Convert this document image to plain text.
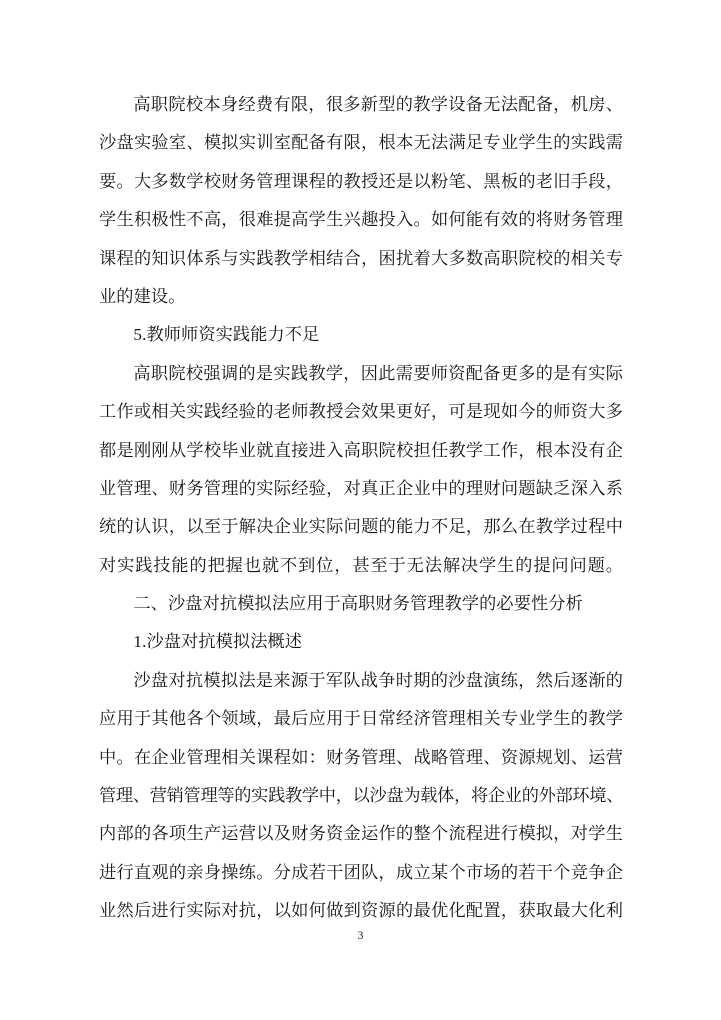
高职院校本身经费有限，很多新型的教学设备无法配备，机房、
沙盘实验室、模拟实训室配备有限，根本无法满足专业学生的实践需
要。大多数学校财务管理课程的教授还是以粉笔、黑板的老旧手段，
学生积极性不高，很难提高学生兴趣投入。如何能有效的将财务管理
课程的知识体系与实践教学相结合，困扰着大多数高职院校的相关专
业的建设。
5.教师师资实践能力不足
高职院校强调的是实践教学，因此需要师资配备更多的是有实际
工作或相关实践经验的老师教授会效果更好，可是现如今的师资大多
都是刚刚从学校毕业就直接进入高职院校担任教学工作，根本没有企
业管理、财务管理的实际经验，对真正企业中的理财问题缺乏深入系
统的认识，以至于解决企业实际问题的能力不足，那么在教学过程中
对实践技能的把握也就不到位，甚至于无法解决学生的提问问题。
二、沙盘对抗模拟法应用于高职财务管理教学的必要性分析
1.沙盘对抗模拟法概述
沙盘对抗模拟法是来源于军队战争时期的沙盘演练，然后逐渐的
应用于其他各个领域，最后应用于日常经济管理相关专业学生的教学
中。在企业管理相关课程如：财务管理、战略管理、资源规划、运营
管理、营销管理等的实践教学中，以沙盘为载体，将企业的外部环境、
内部的各项生产运营以及财务资金运作的整个流程进行模拟，对学生
进行直观的亲身操练。分成若干团队，成立某个市场的若干个竞争企
业然后进行实际对抗，以如何做到资源的最优化配置，获取最大化利
3
